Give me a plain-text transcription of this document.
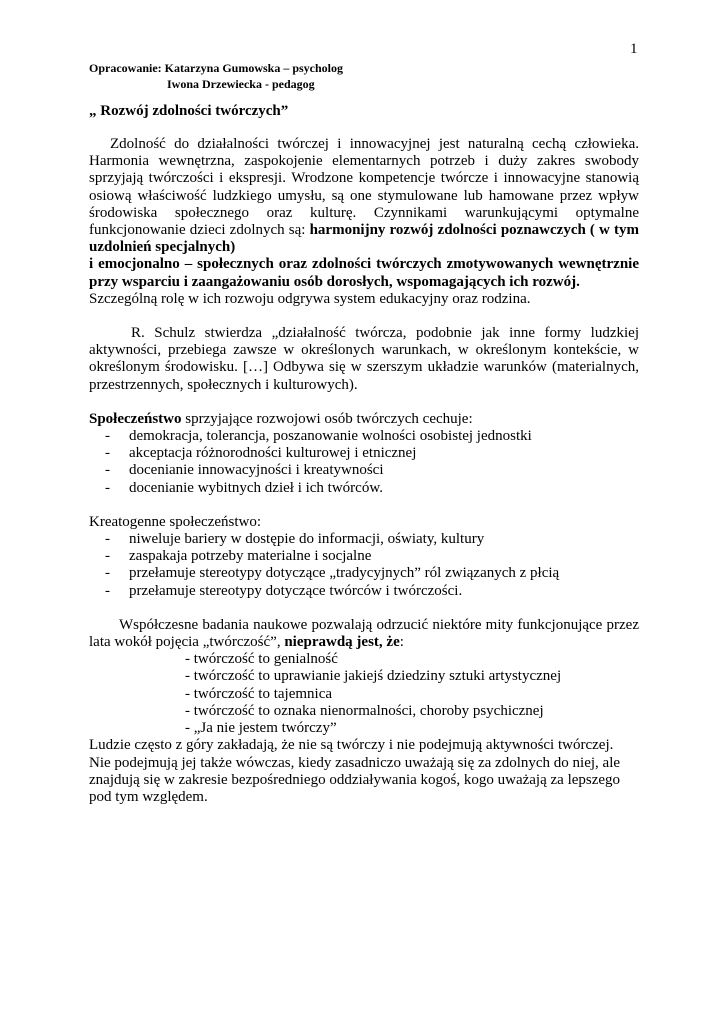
1
Opracowanie: Katarzyna Gumowska – psycholog
Iwona Drzewiecka - pedagog
„ Rozwój zdolności twórczych”

Zdolność do działalności twórczej i innowacyjnej jest naturalną cechą człowieka. Harmonia wewnętrzna, zaspokojenie elementarnych potrzeb i duży zakres swobody sprzyjają twórczości i ekspresji. Wrodzone kompetencje twórcze i innowacyjne stanowią osiową właściwość ludzkiego umysłu, są one stymulowane lub hamowane przez wpływ środowiska społecznego oraz kulturę. Czynnikami warunkującymi optymalne funkcjonowanie dzieci zdolnych są: harmonijny rozwój zdolności poznawczych ( w tym uzdolnień specjalnych)
i emocjonalno – społecznych oraz zdolności twórczych zmotywowanych wewnętrznie przy wsparciu i zaangażowaniu osób dorosłych, wspomagających ich rozwój.

Szczególną rolę w ich rozwoju odgrywa system edukacyjny oraz rodzina.

R. Schulz stwierdza „działalność twórcza, podobnie jak inne formy ludzkiej aktywności, przebiega zawsze w określonych warunkach, w określonym kontekście, w określonym środowisku. […] Odbywa się w szerszym układzie warunków (materialnych, przestrzennych, społecznych i kulturowych).

Społeczeństwo sprzyjające rozwojowi osób twórczych cechuje:

- demokracja, tolerancja, poszanowanie wolności osobistej jednostki
- akceptacja różnorodności kulturowej i etnicznej
- docenianie innowacyjności i kreatywności
- docenianie wybitnych dzieł i ich twórców.

Kreatogenne społeczeństwo:

- niweluje bariery w dostępie do informacji, oświaty, kultury
- zaspakaja potrzeby materialne i socjalne
- przełamuje stereotypy dotyczące „tradycyjnych” ról związanych z płcią
- przełamuje stereotypy dotyczące twórców i twórczości.

Współczesne badania naukowe pozwalają odrzucić niektóre mity funkcjonujące przez lata wokół pojęcia „twórczość”, nieprawdą jest, że:

- twórczość to genialność
- twórczość to uprawianie jakiejś dziedziny sztuki artystycznej
- twórczość to tajemnica
- twórczość to oznaka nienormalności, choroby psychicznej
- „Ja nie jestem twórczy”

Ludzie często z góry zakładają, że nie są twórczy i nie podejmują aktywności twórczej.

Nie podejmują jej także wówczas, kiedy zasadniczo uważają się za zdolnych do niej, ale znajdują się w zakresie bezpośredniego oddziaływania kogoś, kogo uważają za lepszego pod tym względem.
